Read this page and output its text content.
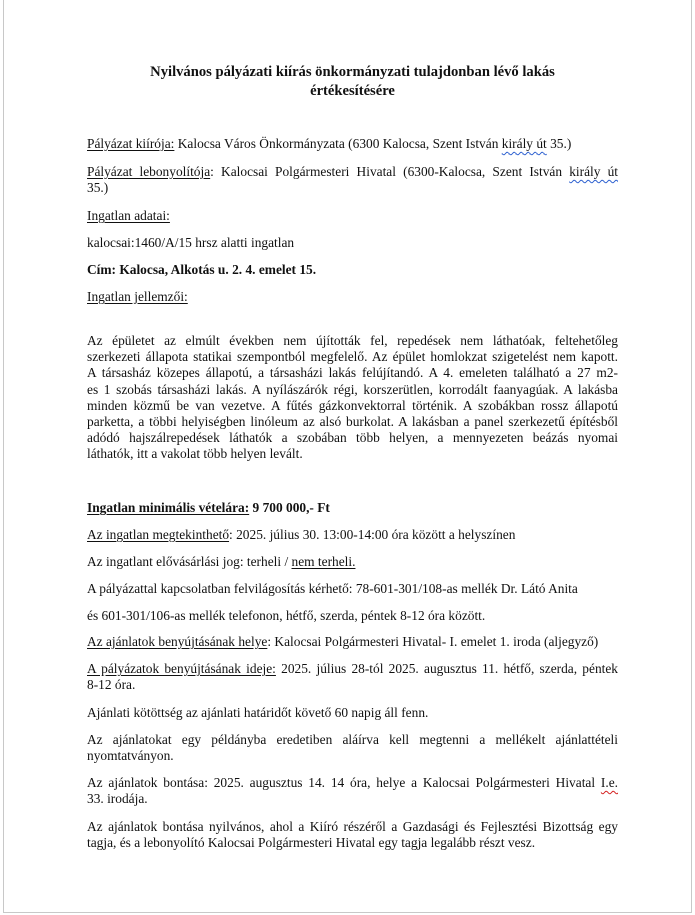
Nyilvános pályázati kiírás önkormányzati tulajdonban lévő lakás
értékesítésére

Pályázat kiírója: Kalocsa Város Önkormányzata (6300 Kalocsa, Szent István király út 35.)

Pályázat lebonyolítója: Kalocsai Polgármesteri Hivatal (6300-Kalocsa, Szent István király út

35.)

Ingatlan adatai:

kalocsai:1460/A/15 hrsz alatti ingatlan

Cím: Kalocsa, Alkotás u. 2. 4. emelet 15.

Ingatlan jellemzői:

Az épületet az elmúlt években nem újították fel, repedések nem láthatóak, feltehetőleg
szerkezeti állapota statikai szempontból megfelelő. Az épület homlokzat szigetelést nem kapott.
A társasház közepes állapotú, a társasházi lakás felújítandó. A 4. emeleten található a 27 m2-
es 1 szobás társasházi lakás. A nyílászárók régi, korszerütlen, korrodált faanyagúak. A lakásba
minden közmű be van vezetve. A fűtés gázkonvektorral történik. A szobákban rossz állapotú
parketta, a többi helyiségben linóleum az alsó burkolat. A lakásban a panel szerkezetű építésből
adódó hajszálrepedések láthatók a szobában több helyen, a mennyezeten beázás nyomai
láthatók, itt a vakolat több helyen levált.

Ingatlan minimális vételára: 9 700 000,- Ft

Az ingatlan megtekinthető: 2025. július 30. 13:00-14:00 óra között a helyszínen

Az ingatlant elővásárlási jog: terheli / nem terheli.

A pályázattal kapcsolatban felvilágosítás kérhető: 78-601-301/108-as mellék Dr. Látó Anita

és 601-301/106-as mellék telefonon, hétfő, szerda, péntek 8-12 óra között.

Az ajánlatok benyújtásának helye: Kalocsai Polgármesteri Hivatal- I. emelet 1. iroda (aljegyző)

A pályázatok benyújtásának ideje: 2025. július 28-tól 2025. augusztus 11. hétfő, szerda, péntek

8-12 óra.

Ajánlati kötöttség az ajánlati határidőt követő 60 napig áll fenn.

Az ajánlatokat egy példányba eredetiben aláírva kell megtenni a mellékelt ajánlattételi

nyomtatványon.

Az ajánlatok bontása: 2025. augusztus 14. 14 óra, helye a Kalocsai Polgármesteri Hivatal I.e.

33. irodája.

Az ajánlatok bontása nyilvános, ahol a Kiíró részéről a Gazdasági és Fejlesztési Bizottság egy

tagja, és a lebonyolító Kalocsai Polgármesteri Hivatal egy tagja legalább részt vesz.
